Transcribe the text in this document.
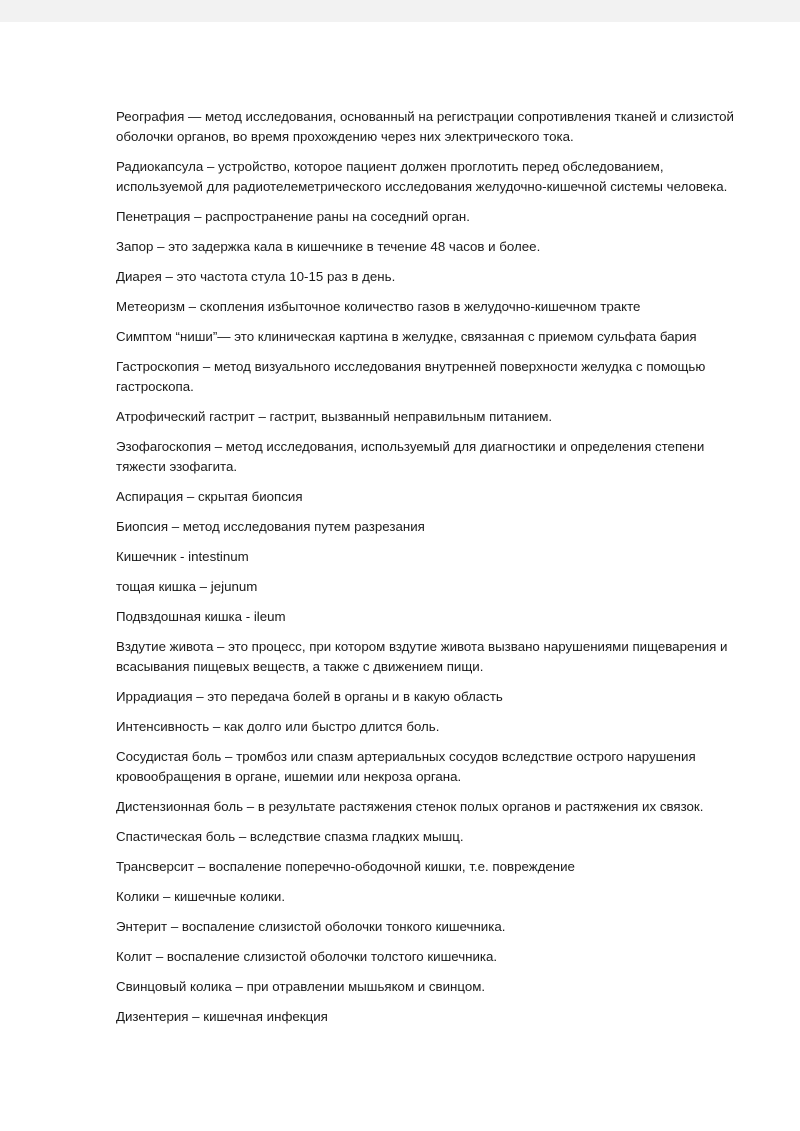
Реография — метод исследования, основанный на регистрации сопротивления тканей и слизистой оболочки органов, во время прохождению через них электрического тока.

Радиокапсула – устройство, которое пациент должен проглотить перед обследованием, используемой для радиотелеметрического исследования желудочно-кишечной системы человека.

Пенетрация – распространение раны на соседний орган.

Запор – это задержка кала в кишечнике в течение 48 часов и более.

Диарея – это частота стула 10-15 раз в день.

Метеоризм – скопления избыточное количество газов в желудочно-кишечном тракте

Симптом “ниши”— это клиническая картина в желудке, связанная с приемом сульфата бария

Гастроскопия – метод визуального исследования внутренней поверхности желудка с помощью гастроскопа.

Атрофический гастрит – гастрит, вызванный неправильным питанием.

Эзофагоскопия – метод исследования, используемый для диагностики и определения степени тяжести эзофагита.

Аспирация – скрытая биопсия

Биопсия – метод исследования путем разрезания

Кишечник - intestinum

тощая кишка – jejunum

Подвздошная кишка - ileum

Вздутие живота – это процесс, при котором вздутие живота вызвано нарушениями пищеварения и всасывания пищевых веществ, а также с движением пищи.

Иррадиация – это передача болей в органы и в какую область

Интенсивность – как долго или быстро длится боль.

Сосудистая боль – тромбоз или спазм артериальных сосудов вследствие острого нарушения кровообращения в органе, ишемии или некроза органа.

Дистензионная боль – в результате растяжения стенок полых органов и растяжения их связок.

Спастическая боль – вследствие спазма гладких мышц.

Трансверсит – воспаление поперечно-ободочной кишки, т.е. повреждение

Колики – кишечные колики.

Энтерит – воспаление слизистой оболочки тонкого кишечника.

Колит – воспаление слизистой оболочки толстого кишечника.

Свинцовый колика – при отравлении мышьяком и свинцом.

Дизентерия – кишечная инфекция
